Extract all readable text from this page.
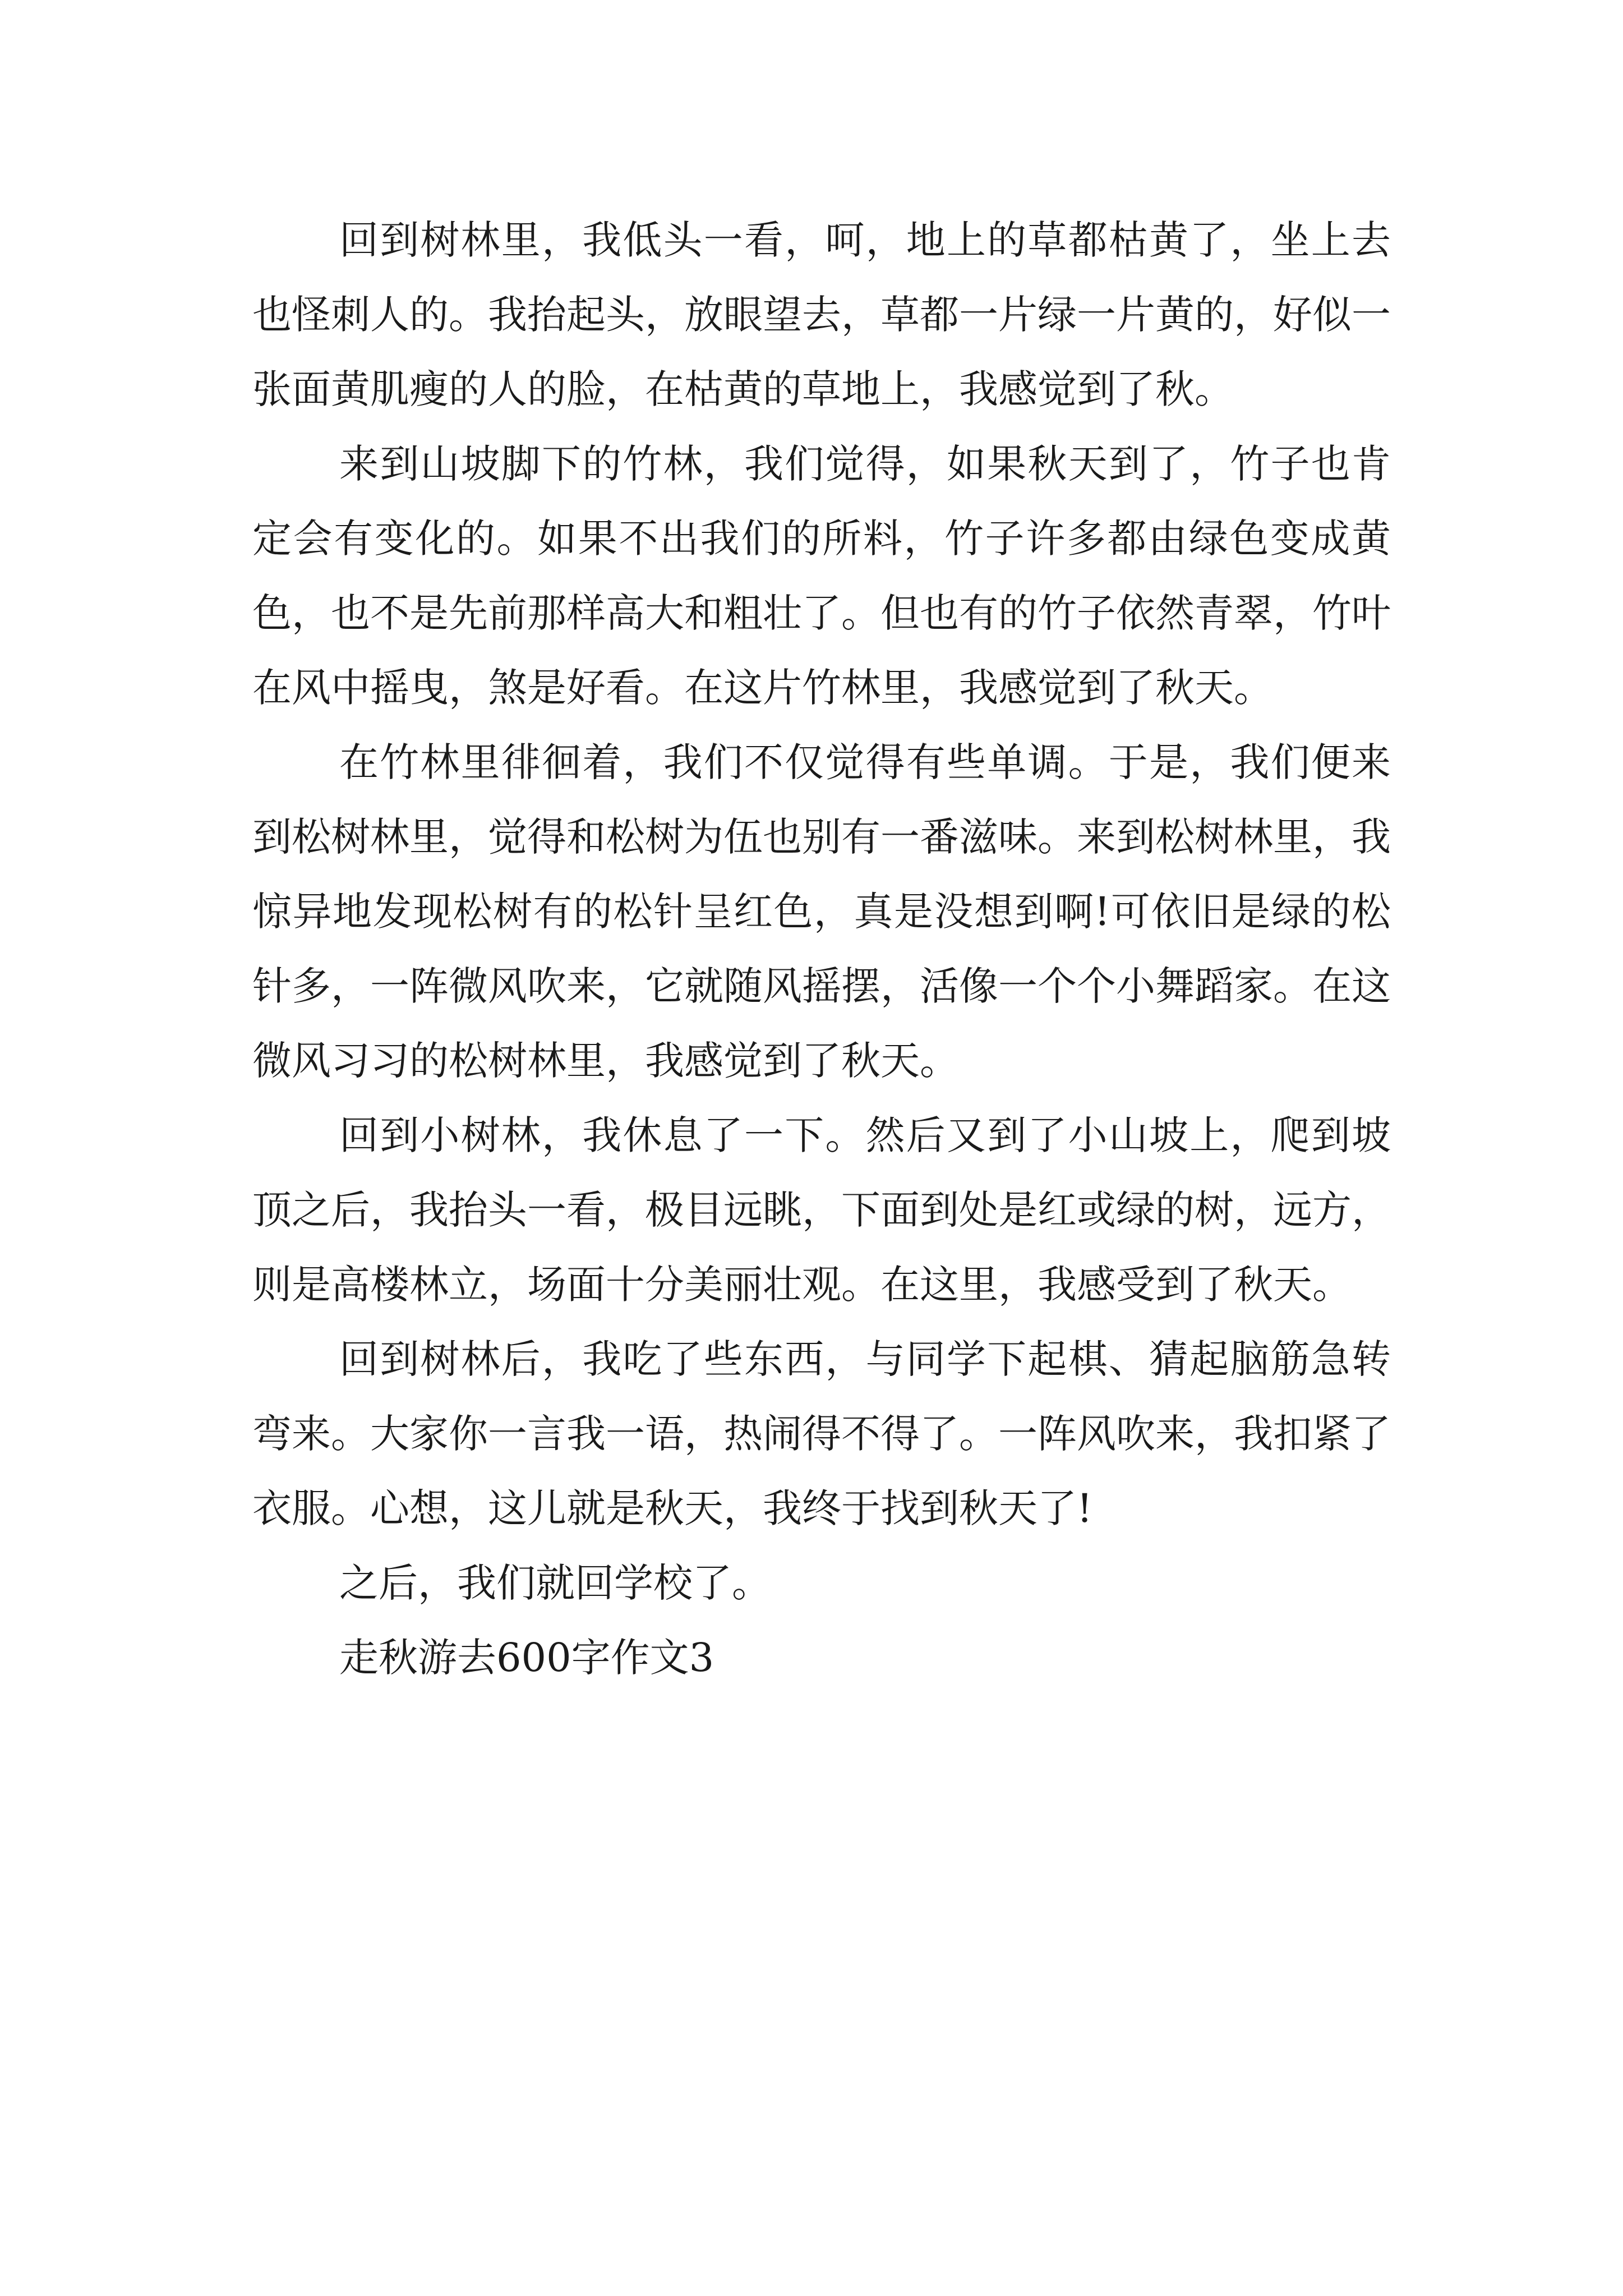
回到树林里，我低头一看，呵，地上的草都枯黄了，坐上去也怪刺人的。我抬起头，放眼望去，草都一片绿一片黄的，好似一张面黄肌瘦的人的脸，在枯黄的草地上，我感觉到了秋。

来到山坡脚下的竹林，我们觉得，如果秋天到了，竹子也肯定会有变化的。如果不出我们的所料，竹子许多都由绿色变成黄色，也不是先前那样高大和粗壮了。但也有的竹子依然青翠，竹叶在风中摇曳，煞是好看。在这片竹林里，我感觉到了秋天。

在竹林里徘徊着，我们不仅觉得有些单调。于是，我们便来到松树林里，觉得和松树为伍也别有一番滋味。来到松树林里，我惊异地发现松树有的松针呈红色，真是没想到啊!可依旧是绿的松针多，一阵微风吹来，它就随风摇摆，活像一个个小舞蹈家。在这微风习习的松树林里，我感觉到了秋天。

回到小树林，我休息了一下。然后又到了小山坡上，爬到坡顶之后，我抬头一看，极目远眺，下面到处是红或绿的树，远方，则是高楼林立，场面十分美丽壮观。在这里，我感受到了秋天。

回到树林后，我吃了些东西，与同学下起棋、猜起脑筋急转弯来。大家你一言我一语，热闹得不得了。一阵风吹来，我扣紧了衣服。心想，这儿就是秋天，我终于找到秋天了!

之后，我们就回学校了。

走秋游去600字作文3
